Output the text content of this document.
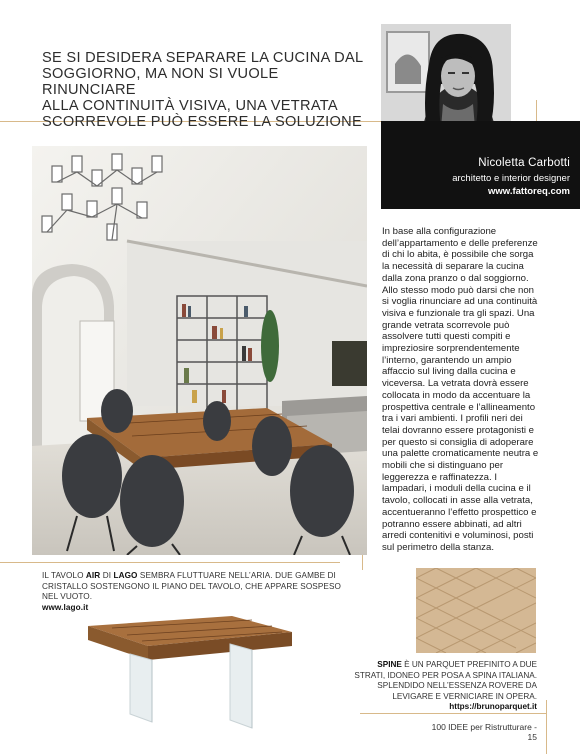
SE SI DESIDERA SEPARARE LA CUCINA DAL
SOGGIORNO, MA NON SI VUOLE RINUNCIARE
ALLA CONTINUITÀ VISIVA, UNA VETRATA
SCORREVOLE PUÒ ESSERE LA SOLUZIONE
Nicoletta Carbotti
architetto e interior designer
www.fattoreq.com
In base alla configurazione dell’appartamento e delle preferenze di chi lo abita, è possibile che sorga la necessità di separare la cucina dalla zona pranzo o dal soggiorno. Allo stesso modo può darsi che non si voglia rinunciare ad una continuità visiva e funzionale tra gli spazi. Una grande vetrata scorrevole può assolvere tutti questi compiti e impreziosire sorprendentemente l’interno, garantendo un ampio affaccio sul living dalla cucina e viceversa. La vetrata dovrà essere collocata in modo da accentuare la prospettiva centrale e l’allineamento tra i vari ambienti. I profili neri dei telai dovranno essere protagonisti e per questo si consiglia di adoperare una palette cromaticamente neutra e mobili che si distinguano per leggerezza e raffinatezza. I lampadari, i moduli della cucina e il tavolo, collocati in asse alla vetrata, accentueranno l’effetto prospettico e potranno essere abbinati, ad altri arredi contenitivi e voluminosi, posti sul perimetro della stanza.
IL TAVOLO AIR DI LAGO SEMBRA FLUTTUARE NELL’ARIA. DUE GAMBE DI CRISTALLO SOSTENGONO IL PIANO DEL TAVOLO, CHE APPARE SOSPESO NEL VUOTO.
www.lago.it
SPINE È UN PARQUET PREFINITO A DUE STRATI, IDONEO PER POSA A SPINA ITALIANA. SPLENDIDO NELL’ESSENZA ROVERE DA LEVIGARE E VERNICIARE IN OPERA.
https://brunoparquet.it
100 IDEE per Ristrutturare - 15
